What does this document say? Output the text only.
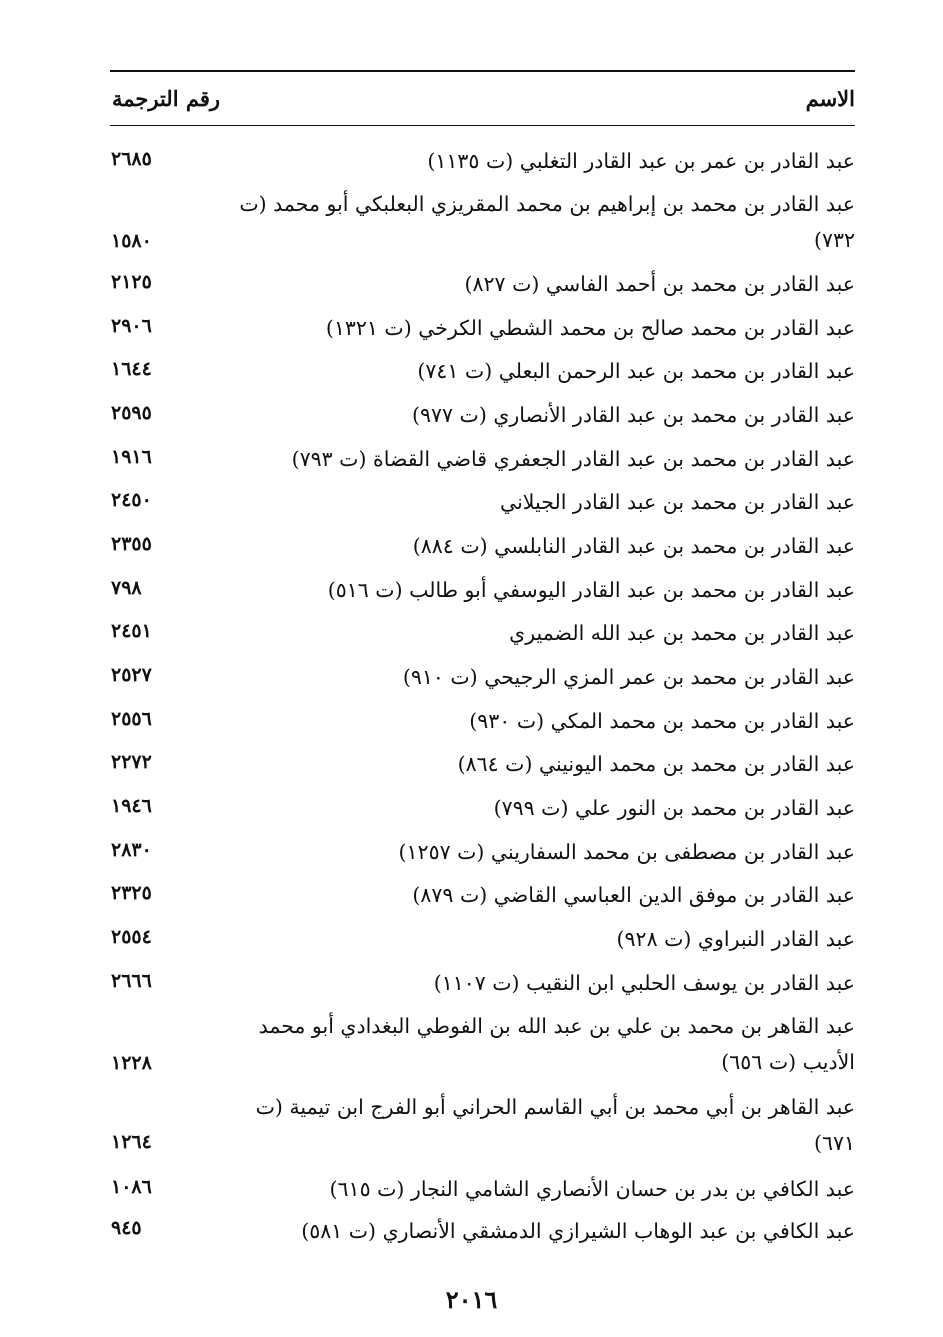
الاسم
رقم الترجمة
عبد القادر بن عمر بن عبد القادر التغلبي (ت ١١٣٥)
٢٦٨٥
عبد القادر بن محمد بن إبراهيم بن محمد المقريزي البعلبكي أبو محمد (ت ٧٣٢)
١٥٨٠
عبد القادر بن محمد بن أحمد الفاسي (ت ٨٢٧)
٢١٢٥
عبد القادر بن محمد صالح بن محمد الشطي الكرخي (ت ١٣٢١)
٢٩٠٦
عبد القادر بن محمد بن عبد الرحمن البعلي (ت ٧٤١)
١٦٤٤
عبد القادر بن محمد بن عبد القادر الأنصاري (ت ٩٧٧)
٢٥٩٥
عبد القادر بن محمد بن عبد القادر الجعفري قاضي القضاة (ت ٧٩٣)
١٩١٦
عبد القادر بن محمد بن عبد القادر الجيلاني
٢٤٥٠
عبد القادر بن محمد بن عبد القادر النابلسي (ت ٨٨٤)
٢٣٥٥
عبد القادر بن محمد بن عبد القادر اليوسفي أبو طالب (ت ٥١٦)
٧٩٨
عبد القادر بن محمد بن عبد الله الضميري
٢٤٥١
عبد القادر بن محمد بن عمر المزي الرجيحي (ت ٩١٠)
٢٥٢٧
عبد القادر بن محمد بن محمد المكي (ت ٩٣٠)
٢٥٥٦
عبد القادر بن محمد بن محمد اليونيني (ت ٨٦٤)
٢٢٧٢
عبد القادر بن محمد بن النور علي (ت ٧٩٩)
١٩٤٦
عبد القادر بن مصطفى بن محمد السفاريني (ت ١٢٥٧)
٢٨٣٠
عبد القادر بن موفق الدين العباسي القاضي (ت ٨٧٩)
٢٣٢٥
عبد القادر النبراوي (ت ٩٢٨)
٢٥٥٤
عبد القادر بن يوسف الحلبي ابن النقيب (ت ١١٠٧)
٢٦٦٦
عبد القاهر بن محمد بن علي بن عبد الله بن الفوطي البغدادي أبو محمد الأديب (ت ٦٥٦)
١٢٢٨
عبد القاهر بن أبي محمد بن أبي القاسم الحراني أبو الفرج ابن تيمية (ت ٦٧١)
١٢٦٤
عبد الكافي بن بدر بن حسان الأنصاري الشامي النجار (ت ٦١٥)
١٠٨٦
عبد الكافي بن عبد الوهاب الشيرازي الدمشقي الأنصاري (ت ٥٨١)
٩٤٥
٢٠١٦
